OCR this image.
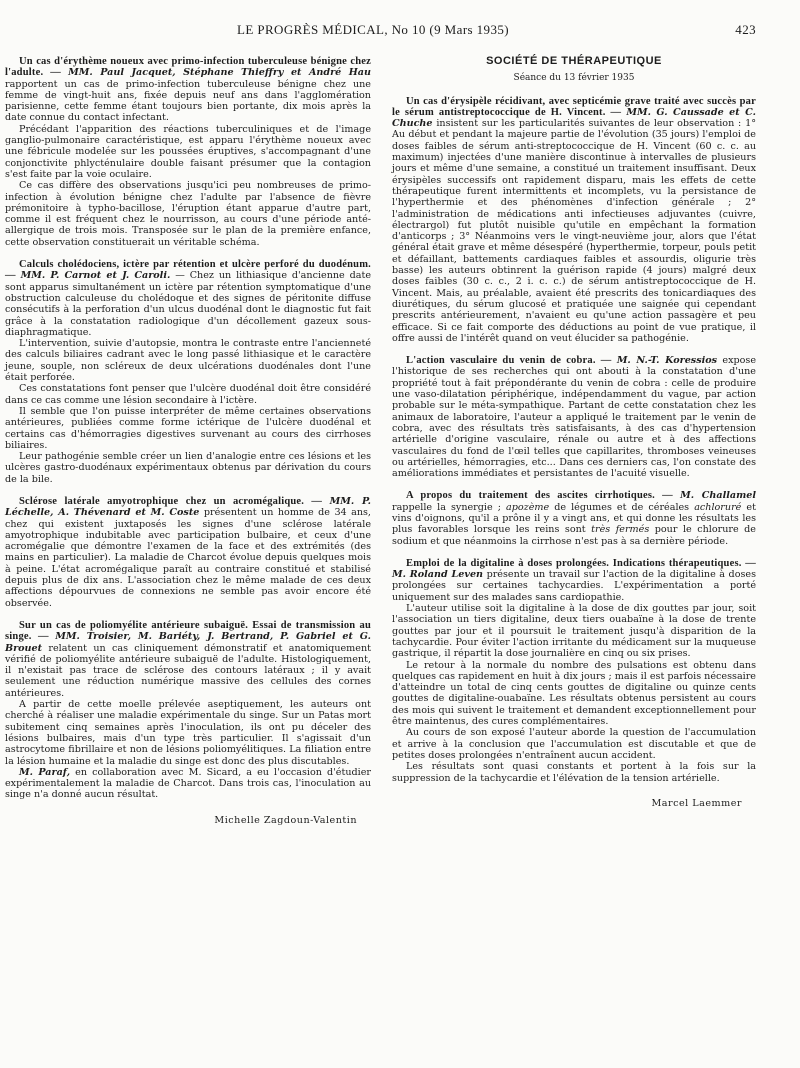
LE PROGRÈS MÉDICAL, No 10 (9 Mars 1935)	423

Un cas d'érythème noueux avec primo-infection tuberculeuse bénigne chez l'adulte. — MM. Paul Jacquet, Stéphane Thieffry et André Hau rapportent un cas de primo-infection tuberculeuse bénigne chez une femme de vingt-huit ans, fixée depuis neuf ans dans l'agglomération parisienne, cette femme étant toujours bien portante, dix mois après la date connue du contact infectant.

Précédant l'apparition des réactions tuberculiniques et de l'image ganglio-pulmonaire caractéristique, est apparu l'érythème noueux avec une fébricule modelée sur les poussées éruptives, s'accompagnant d'une conjonctivite phlycténulaire double faisant présumer que la contagion s'est faite par la voie oculaire.

Ce cas diffère des observations jusqu'ici peu nombreuses de primo-infection à évolution bénigne chez l'adulte par l'absence de fièvre prémonitoire à typho-bacillose, l'éruption étant apparue d'autre part, comme il est fréquent chez le nourrisson, au cours d'une période anté-allergique de trois mois. Transposée sur le plan de la première enfance, cette observation constituerait un véritable schéma.

Calculs cholédociens, ictère par rétention et ulcère perforé du duodénum. — MM. P. Carnot et J. Caroli. — Chez un lithiasique d'ancienne date sont apparus simultanément un ictère par rétention symptomatique d'une obstruction calculeuse du cholédoque et des signes de péritonite diffuse consécutifs à la perforation d'un ulcus duodénal dont le diagnostic fut fait grâce à la constatation radiologique d'un décollement gazeux sous-diaphragmatique.

L'intervention, suivie d'autopsie, montra le contraste entre l'ancienneté des calculs biliaires cadrant avec le long passé lithiasique et le caractère jeune, souple, non scléreux de deux ulcérations duodénales dont l'une était perforée.

Ces constatations font penser que l'ulcère duodénal doit être considéré dans ce cas comme une lésion secondaire à l'ictère.

Il semble que l'on puisse interpréter de même certaines observations antérieures, publiées comme forme ictérique de l'ulcère duodénal et certains cas d'hémorragies digestives survenant au cours des cirrhoses biliaires.

Leur pathogénie semble créer un lien d'analogie entre ces lésions et les ulcères gastro-duodénaux expérimentaux obtenus par dérivation du cours de la bile.

Sclérose latérale amyotrophique chez un acromégalique. — MM. P. Léchelle, A. Thévenard et M. Coste présentent un homme de 34 ans, chez qui existent juxtaposés les signes d'une sclérose latérale amyotrophique indubitable avec participation bulbaire, et ceux d'une acromégalie que démontre l'examen de la face et des extrémités (des mains en particulier). La maladie de Charcot évolue depuis quelques mois à peine. L'état acromégalique paraît au contraire constitué et stabilisé depuis plus de dix ans. L'association chez le même malade de ces deux affections dépourvues de connexions ne semble pas avoir encore été observée.

Sur un cas de poliomyélite antérieure subaiguë. Essai de transmission au singe. — MM. Troisier, M. Bariéty, J. Bertrand, P. Gabriel et G. Brouet relatent un cas cliniquement démonstratif et anatomiquement vérifié de poliomyélite antérieure subaiguë de l'adulte. Histologiquement, il n'existait pas trace de sclérose des contours latéraux ; il y avait seulement une réduction numérique massive des cellules des cornes antérieures.

A partir de cette moelle prélevée aseptiquement, les auteurs ont cherché à réaliser une maladie expérimentale du singe. Sur un Patas mort subitement cinq semaines après l'inoculation, ils ont pu déceler des lésions bulbaires, mais d'un type très particulier. Il s'agissait d'un astrocytome fibrillaire et non de lésions poliomyélitiques. La filiation entre la lésion humaine et la maladie du singe est donc des plus discutables.

M. Paraf, en collaboration avec M. Sicard, a eu l'occasion d'étudier expérimentalement la maladie de Charcot. Dans trois cas, l'inoculation au singe n'a donné aucun résultat.

Michelle Zagdoun-Valentin
SOCIÉTÉ DE THÉRAPEUTIQUE
Séance du 13 février 1935

Un cas d'érysipèle récidivant, avec septicémie grave traité avec succès par le sérum antistreptococcique de H. Vincent. — MM. G. Caussade et C. Chuche insistent sur les particularités suivantes de leur observation : 1° Au début et pendant la majeure partie de l'évolution (35 jours) l'emploi de doses faibles de sérum anti-streptococcique de H. Vincent (60 c. c. au maximum) injectées d'une manière discontinue à intervalles de plusieurs jours et même d'une semaine, a constitué un traitement insuffisant. Deux érysipèles successifs ont rapidement disparu, mais les effets de cette thérapeutique furent intermittents et incomplets, vu la persistance de l'hyperthermie et des phénomènes d'infection générale ; 2° l'administration de médications anti infectieuses adjuvantes (cuivre, électrargol) fut plutôt nuisible qu'utile en empêchant la formation d'anticorps ; 3° Néanmoins vers le vingt-neuvième jour, alors que l'état général était grave et même désespéré (hyperthermie, torpeur, pouls petit et défaillant, battements cardiaques faibles et assourdis, oligurie très basse) les auteurs obtinrent la guérison rapide (4 jours) malgré deux doses faibles (30 c. c., 2 i. c. c.) de sérum antistreptococcique de H. Vincent. Mais, au préalable, avaient été prescrits des tonicardiaques des diurétiques, du sérum glucosé et pratiquée une saignée qui cependant prescrits antérieurement, n'avaient eu qu'une action passagère et peu efficace. Si ce fait comporte des déductions au point de vue pratique, il offre aussi de l'intérêt quand on veut élucider sa pathogénie.

L'action vasculaire du venin de cobra. — M. N.-T. Koressios expose l'historique de ses recherches qui ont abouti à la constatation d'une propriété tout à fait prépondérante du venin de cobra : celle de produire une vaso-dilatation périphérique, indépendamment du vague, par action probable sur le méta-sympathique. Partant de cette constatation chez les animaux de laboratoire, l'auteur a appliqué le traitement par le venin de cobra, avec des résultats très satisfaisants, à des cas d'hypertension artérielle d'origine vasculaire, rénale ou autre et à des affections vasculaires du fond de l'œil telles que capillarites, thromboses veineuses ou artérielles, hémorragies, etc... Dans ces derniers cas, l'on constate des améliorations immédiates et persistantes de l'acuité visuelle.

A propos du traitement des ascites cirrhotiques. — M. Challamel rappelle la synergie ; apozème de légumes et de céréales achloruré et vins d'oignons, qu'il a prône il y a vingt ans, et qui donne les résultats les plus favorables lorsque les reins sont très fermés pour le chlorure de sodium et que néanmoins la cirrhose n'est pas à sa dernière période.

Emploi de la digitaline à doses prolongées. Indications thérapeutiques. — M. Roland Leven présente un travail sur l'action de la digitaline à doses prolongées sur certaines tachycardies. L'expérimentation a porté uniquement sur des malades sans cardiopathie.

L'auteur utilise soit la digitaline à la dose de dix gouttes par jour, soit l'association un tiers digitaline, deux tiers ouabaïne à la dose de trente gouttes par jour et il poursuit le traitement jusqu'à disparition de la tachycardie. Pour éviter l'action irritante du médicament sur la muqueuse gastrique, il répartit la dose journalière en cinq ou six prises.

Le retour à la normale du nombre des pulsations est obtenu dans quelques cas rapidement en huit à dix jours ; mais il est parfois nécessaire d'atteindre un total de cinq cents gouttes de digitaline ou quinze cents gouttes de digitaline-ouabaïne. Les résultats obtenus persistent au cours des mois qui suivent le traitement et demandent exceptionnellement pour être maintenus, des cures complémentaires.

Au cours de son exposé l'auteur aborde la question de l'accumulation et arrive à la conclusion que l'accumulation est discutable et que de petites doses prolongées n'entraînent aucun accident.

Les résultats sont quasi constants et portent à la fois sur la suppression de la tachycardie et l'élévation de la tension artérielle.

Marcel Laemmer
